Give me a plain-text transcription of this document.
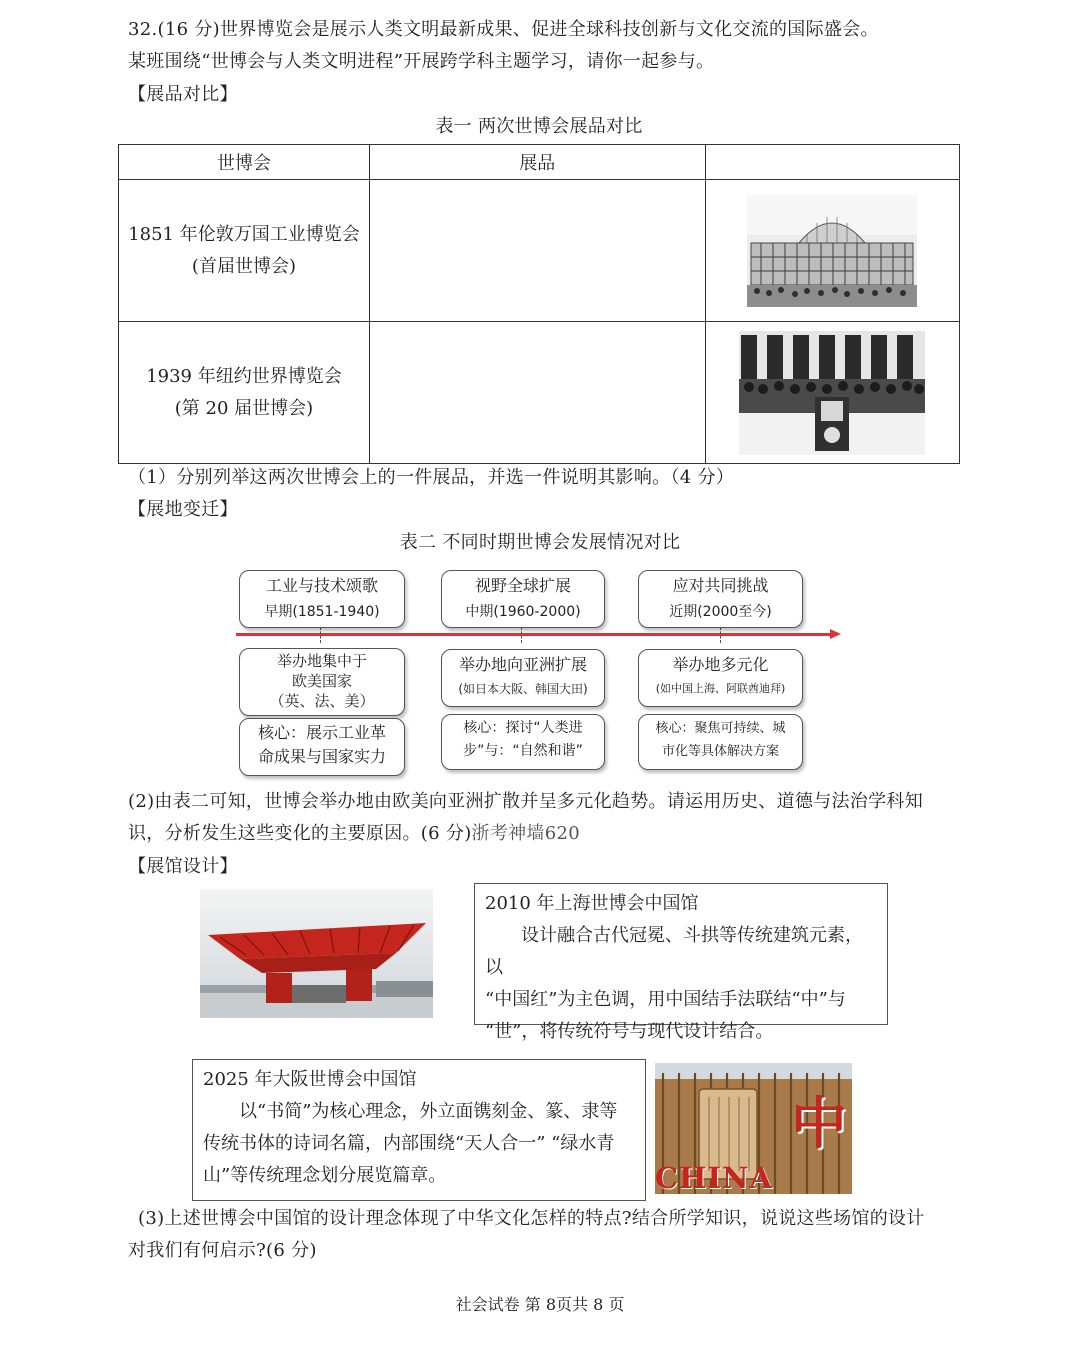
32.(16 分)世界博览会是展示人类文明最新成果、促进全球科技创新与文化交流的国际盛会。
某班围绕“世博会与人类文明进程”开展跨学科主题学习，请你一起参与。
【展品对比】
表一 两次世博会展品对比
世博会	展品	

1851 年伦敦万国工业博览会
(首届世博会)

1939 年纽约世界博览会
(第 20 届世博会)

（1）分别列举这两次世博会上的一件展品，并选一件说明其影响。（4 分）
【展地变迁】
表二 不同时期世博会发展情况对比
工业与技术颂歌
早期(1851-1940)
视野全球扩展
中期(1960-2000)
应对共同挑战
近期(2000至今)
举办地集中于
欧美国家
（英、法、美）
举办地向亚洲扩展
(如日本大阪、韩国大田)
举办地多元化
(如中国上海、阿联酋迪拜)
核心：展示工业革
命成果与国家实力
核心：探讨“人类进
步”与：“自然和谐”
核心：聚焦可持续、城
市化等具体解决方案
(2)由表二可知，世博会举办地由欧美向亚洲扩散并呈多元化趋势。请运用历史、道德与法治学科知
识，分析发生这些变化的主要原因。(6 分)浙考神墙620
【展馆设计】
2010 年上海世博会中国馆
设计融合古代冠冕、斗拱等传统建筑元素，以
“中国红”为主色调，用中国结手法联结“中”与
“世”，将传统符号与现代设计结合。
2025 年大阪世博会中国馆
以“书简”为核心理念，外立面镌刻金、篆、隶等
传统书体的诗词名篇，内部围绕“天人合一” “绿水青
山”等传统理念划分展览篇章。	CHINA
中
(3)上述世博会中国馆的设计理念体现了中华文化怎样的特点?结合所学知识，说说这些场馆的设计
对我们有何启示?(6 分)
社会试卷 第 8页共 8 页
